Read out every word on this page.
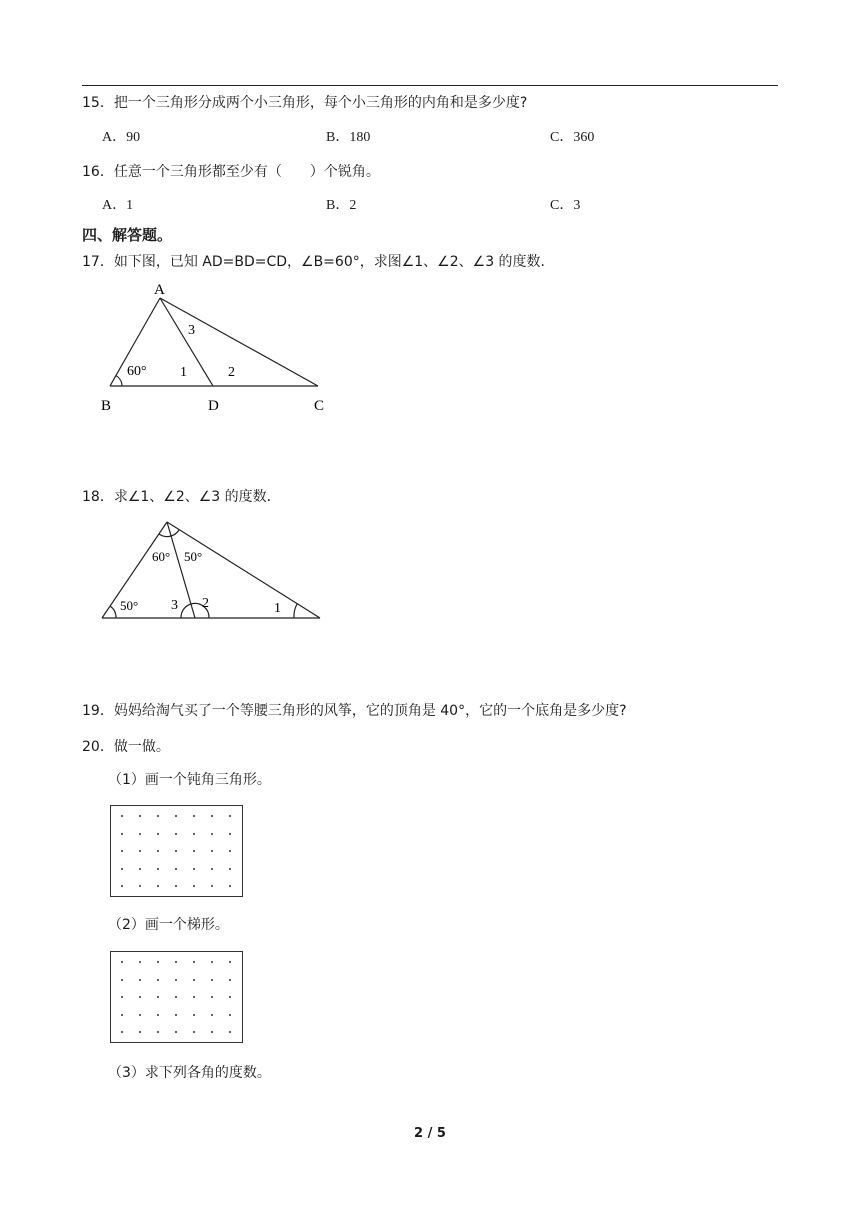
15．把一个三角形分成两个小三角形，每个小三角形的内角和是多少度?
A．90	B．180	C．360
16．任意一个三角形都至少有（　　）个锐角。
A．1	B．2	C．3
四、解答题。
17．如下图，已知 AD=BD=CD，∠B=60°，求图∠1、∠2、∠3 的度数．
A
B	D	C
60° 1	2
3
18．求∠1、∠2、∠3 的度数．
60° 50°
50° 3 2	1
19．妈妈给淘气买了一个等腰三角形的风筝，它的顶角是 40°，它的一个底角是多少度?
20．做一做。
（1）画一个钝角三角形。
（2）画一个梯形。
（3）求下列各角的度数。
2 / 5
